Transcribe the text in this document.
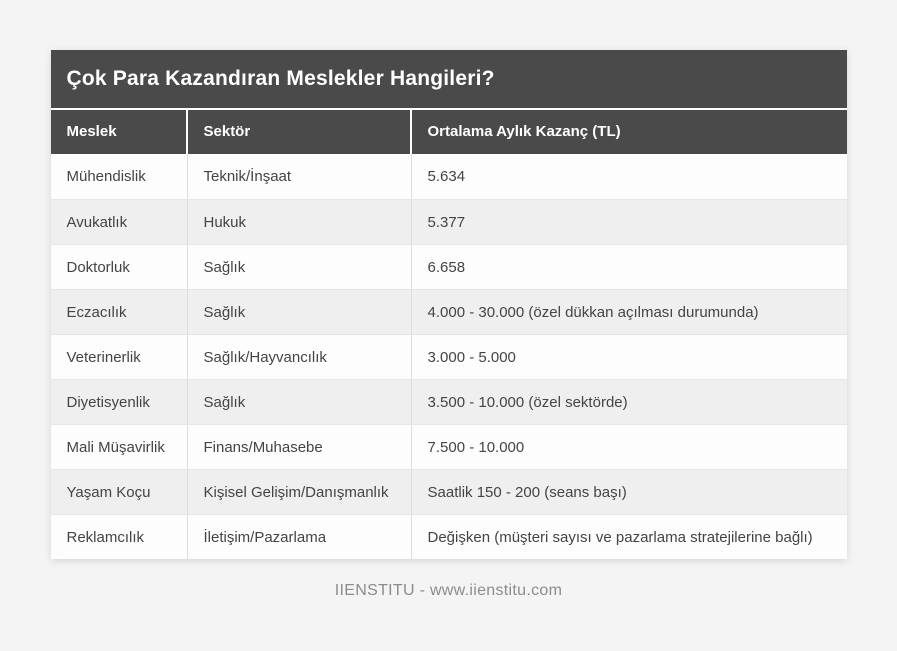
Çok Para Kazandıran Meslekler Hangileri?
Meslek	Sektör	Ortalama Aylık Kazanç (TL)
Mühendislik	Teknik/İnşaat	5.634
Avukatlık	Hukuk	5.377
Doktorluk	Sağlık	6.658
Eczacılık	Sağlık	4.000 - 30.000 (özel dükkan açılması durumunda)
Veterinerlik	Sağlık/Hayvancılık	3.000 - 5.000
Diyetisyenlik	Sağlık	3.500 - 10.000 (özel sektörde)
Mali Müşavirlik	Finans/Muhasebe	7.500 - 10.000
Yaşam Koçu	Kişisel Gelişim/Danışmanlık	Saatlik 150 - 200 (seans başı)
Reklamcılık	İletişim/Pazarlama	Değişken (müşteri sayısı ve pazarlama stratejilerine bağlı)
IIENSTITU - www.iienstitu.com
